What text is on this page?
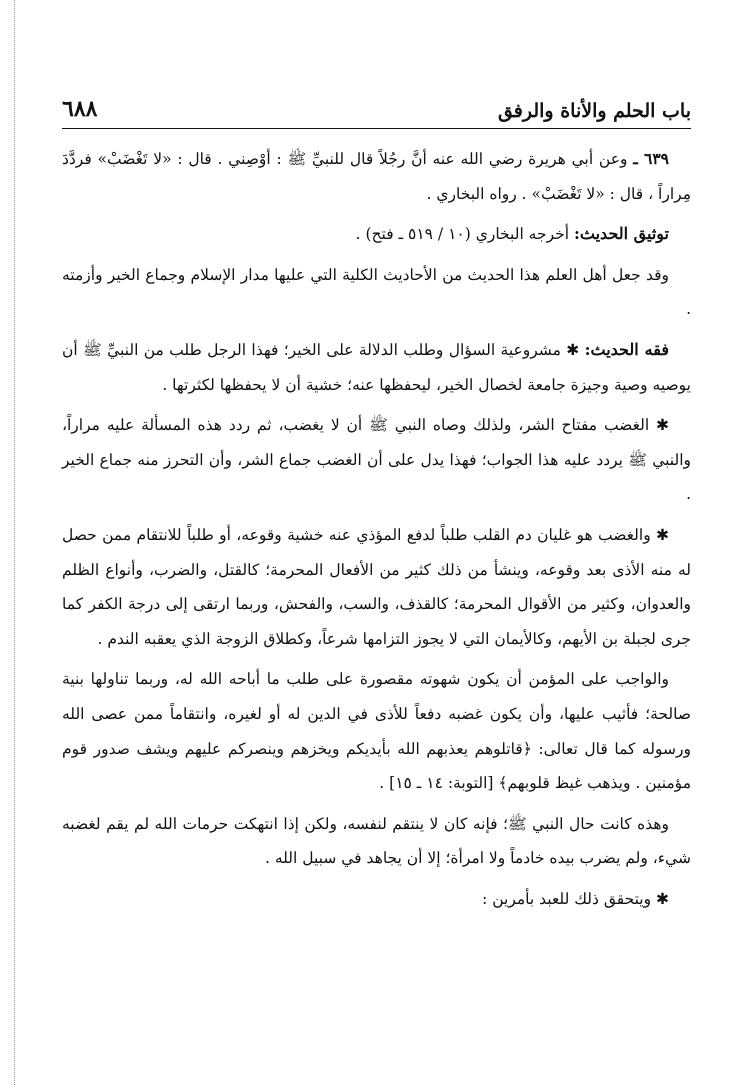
باب الحلم والأناة والرفق
٦٨٨

٦٣٩ ـ وعن أبي هريرة رضي الله عنه أنَّ رجُلاً قال للنبيِّ ﷺ : أوْصِني . قال : «لا تَغْضَبْ» فردَّدَ مِراراً ، قال : «لا تَغْضَبْ» . رواه البخاري .

توثيق الحديث: أخرجه البخاري (١٠ / ٥١٩ ـ فتح) .

وقد جعل أهل العلم هذا الحديث من الأحاديث الكلية التي عليها مدار الإسلام وجماع الخير وأزمته .

فقه الحديث: ✱ مشروعية السؤال وطلب الدلالة على الخير؛ فهذا الرجل طلب من النبيِّ ﷺ أن يوصيه وصية وجيزة جامعة لخصال الخير، ليحفظها عنه؛ خشية أن لا يحفظها لكثرتها .

✱ الغضب مفتاح الشر، ولذلك وصاه النبي ﷺ أن لا يغضب، ثم ردد هذه المسألة عليه مراراً، والنبي ﷺ يردد عليه هذا الجواب؛ فهذا يدل على أن الغضب جماع الشر، وأن التحرز منه جماع الخير .

✱ والغضب هو غليان دم القلب طلباً لدفع المؤذي عنه خشية وقوعه، أو طلباً للانتقام ممن حصل له منه الأذى بعد وقوعه، وينشأ من ذلك كثير من الأفعال المحرمة؛ كالقتل، والضرب، وأنواع الظلم والعدوان، وكثير من الأقوال المحرمة؛ كالقذف، والسب، والفحش، وربما ارتقى إلى درجة الكفر كما جرى لجبلة بن الأيهم، وكالأيمان التي لا يجوز التزامها شرعاً، وكطلاق الزوجة الذي يعقبه الندم .

والواجب على المؤمن أن يكون شهوته مقصورة على طلب ما أباحه الله له، وربما تناولها بنية صالحة؛ فأثيب عليها، وأن يكون غضبه دفعاً للأذى في الدين له أو لغيره، وانتقاماً ممن عصى الله ورسوله كما قال تعالى: ﴿قاتلوهم يعذبهم الله بأيديكم ويخزهم وينصركم عليهم ويشف صدور قوم مؤمنين . ويذهب غيظ قلوبهم﴾ [التوبة: ١٤ ـ ١٥] .

وهذه كانت حال النبي ﷺ؛ فإنه كان لا ينتقم لنفسه، ولكن إذا انتهكت حرمات الله لم يقم لغضبه شيء، ولم يضرب بيده خادماً ولا امرأة؛ إلا أن يجاهد في سبيل الله .

✱ ويتحقق ذلك للعبد بأمرين :
